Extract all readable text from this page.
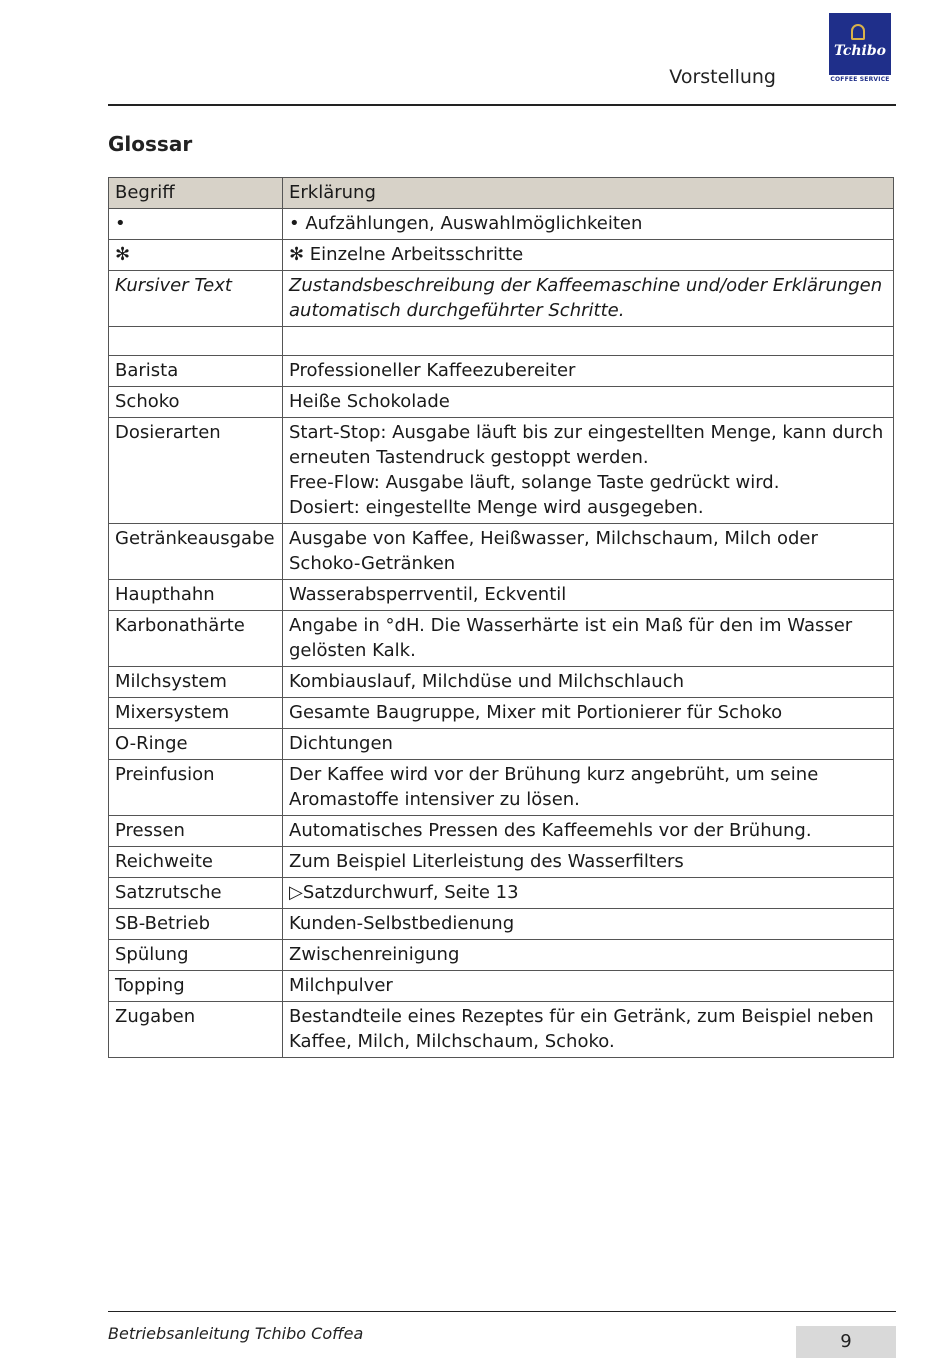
Vorstellung
Tchibo
COFFEE SERVICE
Glossar
Begriff	Erklärung
•	• Aufzählungen, Auswahlmöglichkeiten
✻	✻ Einzelne Arbeitsschritte
Kursiver Text	Zustandsbeschreibung der Kaffeemaschine und/oder Erklärungen automatisch durchgeführter Schritte.

Barista	Professioneller Kaffeezubereiter
Schoko	Heiße Schokolade
Dosierarten	Start-Stop: Ausgabe läuft bis zur eingestellten Menge, kann durch erneuten Tastendruck gestoppt werden.
Free-Flow: Ausgabe läuft, solange Taste gedrückt wird.
Dosiert: eingestellte Menge wird ausgegeben.
Getränkeausgabe	Ausgabe von Kaffee, Heißwasser, Milchschaum, Milch oder Schoko-Getränken
Haupthahn	Wasserabsperrventil, Eckventil
Karbonathärte	Angabe in °dH. Die Wasserhärte ist ein Maß für den im Wasser gelösten Kalk.
Milchsystem	Kombiauslauf, Milchdüse und Milchschlauch
Mixersystem	Gesamte Baugruppe, Mixer mit Portionierer für Schoko
O-Ringe	Dichtungen
Preinfusion	Der Kaffee wird vor der Brühung kurz angebrüht, um seine Aromastoffe intensiver zu lösen.
Pressen	Automatisches Pressen des Kaffeemehls vor der Brühung.
Reichweite	Zum Beispiel Literleistung des Wasserfilters
Satzrutsche	▷Satzdurchwurf, Seite 13
SB-Betrieb	Kunden-Selbstbedienung
Spülung	Zwischenreinigung
Topping	Milchpulver
Zugaben	Bestandteile eines Rezeptes für ein Getränk, zum Beispiel neben Kaffee, Milch, Milchschaum, Schoko.
Betriebsanleitung Tchibo Coffea	9
